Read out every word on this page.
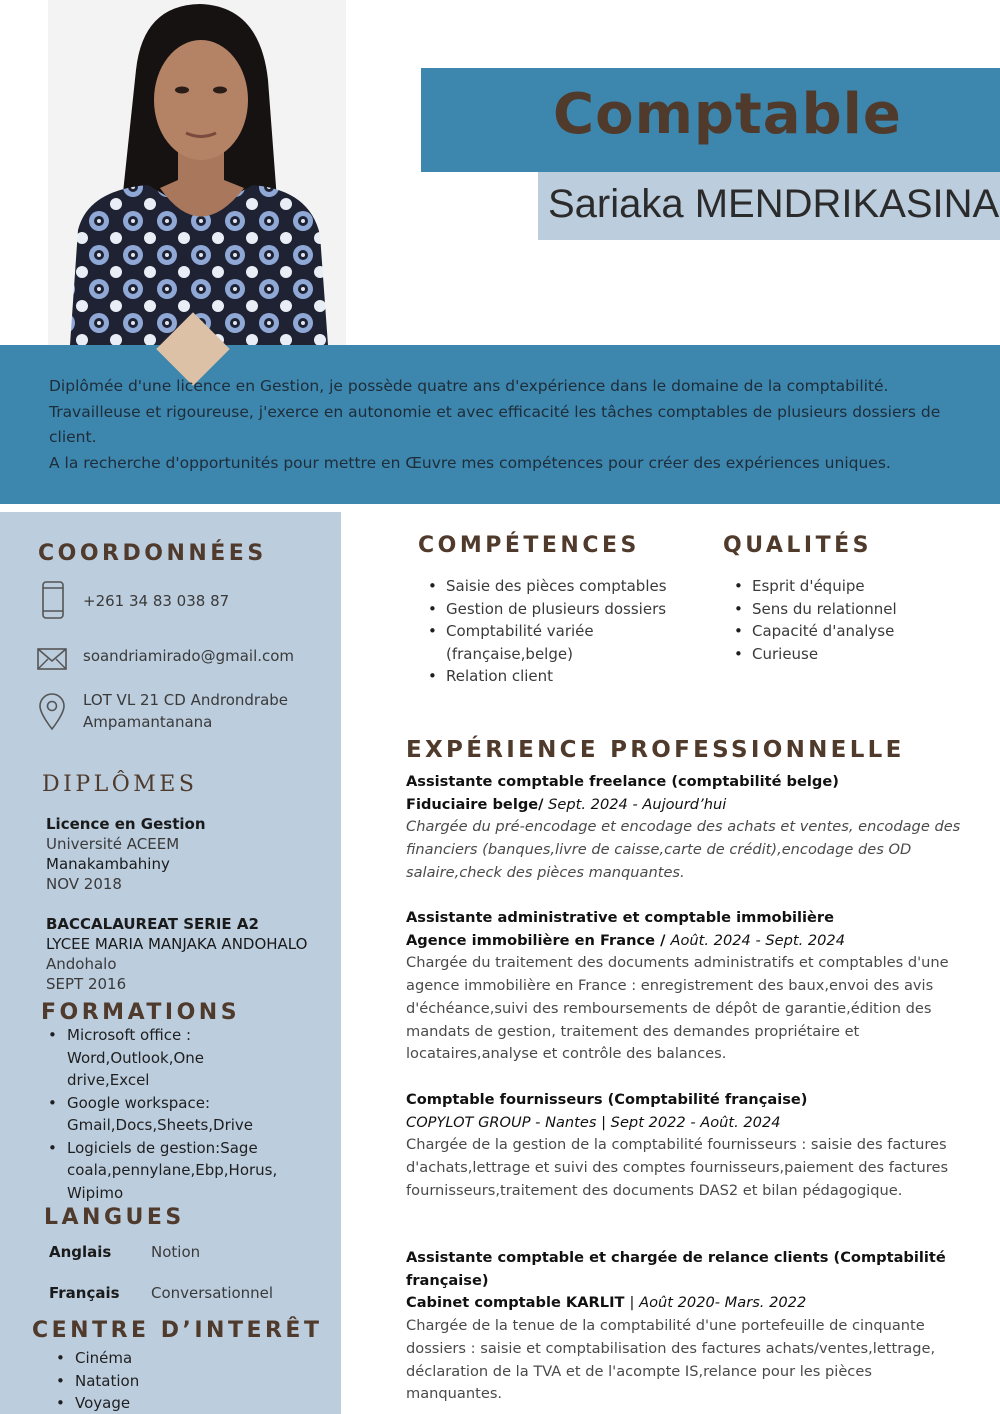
Comptable
Sariaka MENDRIKASINA
Diplômée d'une licence en Gestion, je possède quatre ans d'expérience dans le domaine de la comptabilité.
Travailleuse et rigoureuse, j'exerce en autonomie et avec efficacité les tâches comptables de plusieurs dossiers de client.
A la recherche d'opportunités pour mettre en Œuvre mes compétences pour créer des expériences uniques.
COORDONNÉES
+261 34 83 038 87
soandriamirado@gmail.com
LOT VL 21 CD Androndrabe
Ampamantanana
DIPLÔMES
Licence en Gestion
Université ACEEM
Manakambahiny
NOV 2018
BACCALAUREAT SERIE A2
LYCEE MARIA MANJAKA ANDOHALO
Andohalo
SEPT 2016
FORMATIONS
• Microsoft office : Word,Outlook,One drive,Excel
• Google workspace: Gmail,Docs,Sheets,Drive
• Logiciels de gestion:Sage coala,pennylane,Ebp,Horus, Wipimo
LANGUES
Anglais	Notion
Français Conversationnel
CENTRE D’INTERÊT
• Cinéma
• Natation
• Voyage
COMPÉTENCES
• Saisie des pièces comptables
• Gestion de plusieurs dossiers
• Comptabilité variée (française,belge)
• Relation client
QUALITÉS
• Esprit d'équipe
• Sens du relationnel
• Capacité d'analyse
• Curieuse
EXPÉRIENCE PROFESSIONNELLE
Assistante comptable freelance (comptabilité belge)
Fiduciaire belge/ Sept. 2024 - Aujourd’hui
Chargée du pré-encodage et encodage des achats et ventes, encodage des financiers (banques,livre de caisse,carte de crédit),encodage des OD salaire,check des pièces manquantes.
Assistante administrative et comptable immobilière
Agence immobilière en France / Août. 2024 - Sept. 2024
Chargée du traitement des documents administratifs et comptables d'une agence immobilière en France : enregistrement des baux,envoi des avis d'échéance,suivi des remboursements de dépôt de garantie,édition des mandats de gestion, traitement des demandes propriétaire et locataires,analyse et contrôle des balances.
Comptable fournisseurs (Comptabilité française)
COPYLOT GROUP - Nantes | Sept 2022 - Août. 2024
Chargée de la gestion de la comptabilité fournisseurs : saisie des factures d'achats,lettrage et suivi des comptes fournisseurs,paiement des factures fournisseurs,traitement des documents DAS2 et bilan pédagogique.
Assistante comptable et chargée de relance clients (Comptabilité française)
Cabinet comptable KARLIT | Août 2020- Mars. 2022
Chargée de la tenue de la comptabilité d'une portefeuille de cinquante dossiers : saisie et comptabilisation des factures achats/ventes,lettrage, déclaration de la TVA et de l'acompte IS,relance pour les pièces manquantes.
